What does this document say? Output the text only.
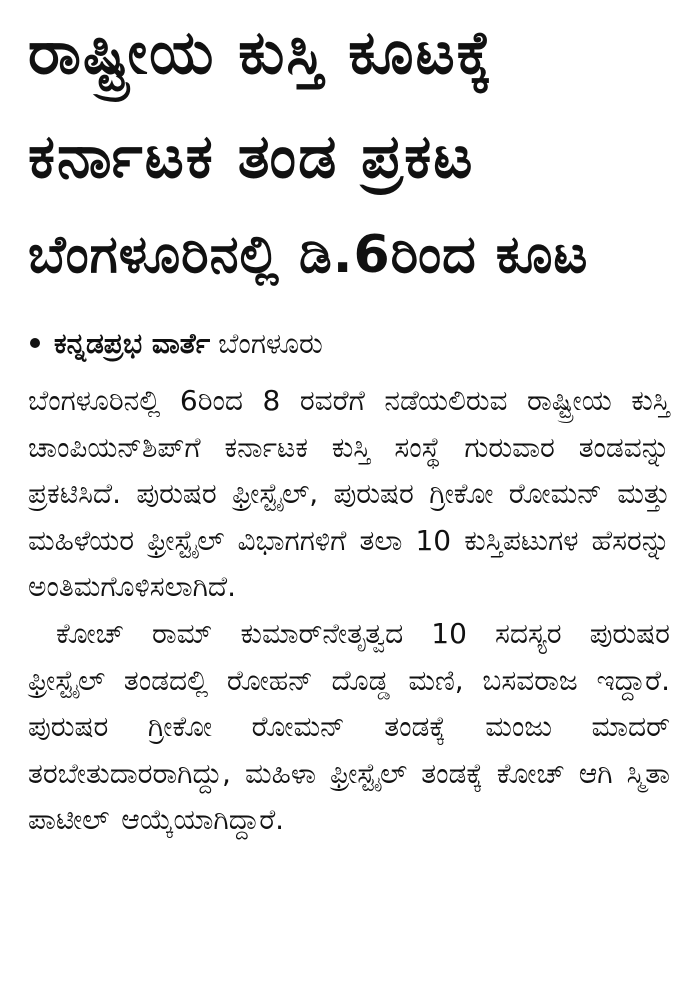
ರಾಷ್ಟ್ರೀಯ ಕುಸ್ತಿ ಕೂಟಕ್ಕೆ
ಕರ್ನಾಟಕ ತಂಡ ಪ್ರಕಟ
ಬೆಂಗಳೂರಿನಲ್ಲಿ ಡಿ.6ರಿಂದ ಕೂಟ
ಕನ್ನಡಪ್ರಭ ವಾರ್ತೆ ಬೆಂಗಳೂರು

ಬೆಂಗಳೂರಿನಲ್ಲಿ 6ರಿಂದ 8 ರವರೆಗೆ ನಡೆಯಲಿರುವ ರಾಷ್ಟ್ರೀಯ ಕುಸ್ತಿ ಚಾಂಪಿಯನ್‌ಶಿಪ್‌ಗೆ ಕರ್ನಾಟಕ ಕುಸ್ತಿ ಸಂಸ್ಥೆ ಗುರುವಾರ ತಂಡವನ್ನು ಪ್ರಕಟಿಸಿದೆ. ಪುರುಷರ ಫ್ರೀಸ್ಟೈಲ್, ಪುರುಷರ ಗ್ರೀಕೋ ರೋಮನ್ ಮತ್ತು ಮಹಿಳೆಯರ ಫ್ರೀಸ್ಟೈಲ್ ವಿಭಾಗಗಳಿಗೆ ತಲಾ 10 ಕುಸ್ತಿಪಟುಗಳ ಹೆಸರನ್ನು ಅಂತಿಮಗೊಳಿಸಲಾಗಿದೆ.

ಕೋಚ್ ರಾಮ್ ಕುಮಾರ್‌ನೇತೃತ್ವದ 10 ಸದಸ್ಯರ ಪುರುಷರ ಫ್ರೀಸ್ಟೈಲ್ ತಂಡದಲ್ಲಿ ರೋಹನ್ ದೊಡ್ಡ ಮಣಿ, ಬಸವರಾಜ ಇದ್ದಾರೆ. ಪುರುಷರ ಗ್ರೀಕೋ ರೋಮನ್ ತಂಡಕ್ಕೆ ಮಂಜು ಮಾದರ್ ತರಬೇತುದಾರರಾಗಿದ್ದು, ಮಹಿಳಾ ಫ್ರೀಸ್ಟೈಲ್ ತಂಡಕ್ಕೆ ಕೋಚ್ ಆಗಿ ಸ್ಮಿತಾ ಪಾಟೀಲ್ ಆಯ್ಕೆಯಾಗಿದ್ದಾರೆ.
